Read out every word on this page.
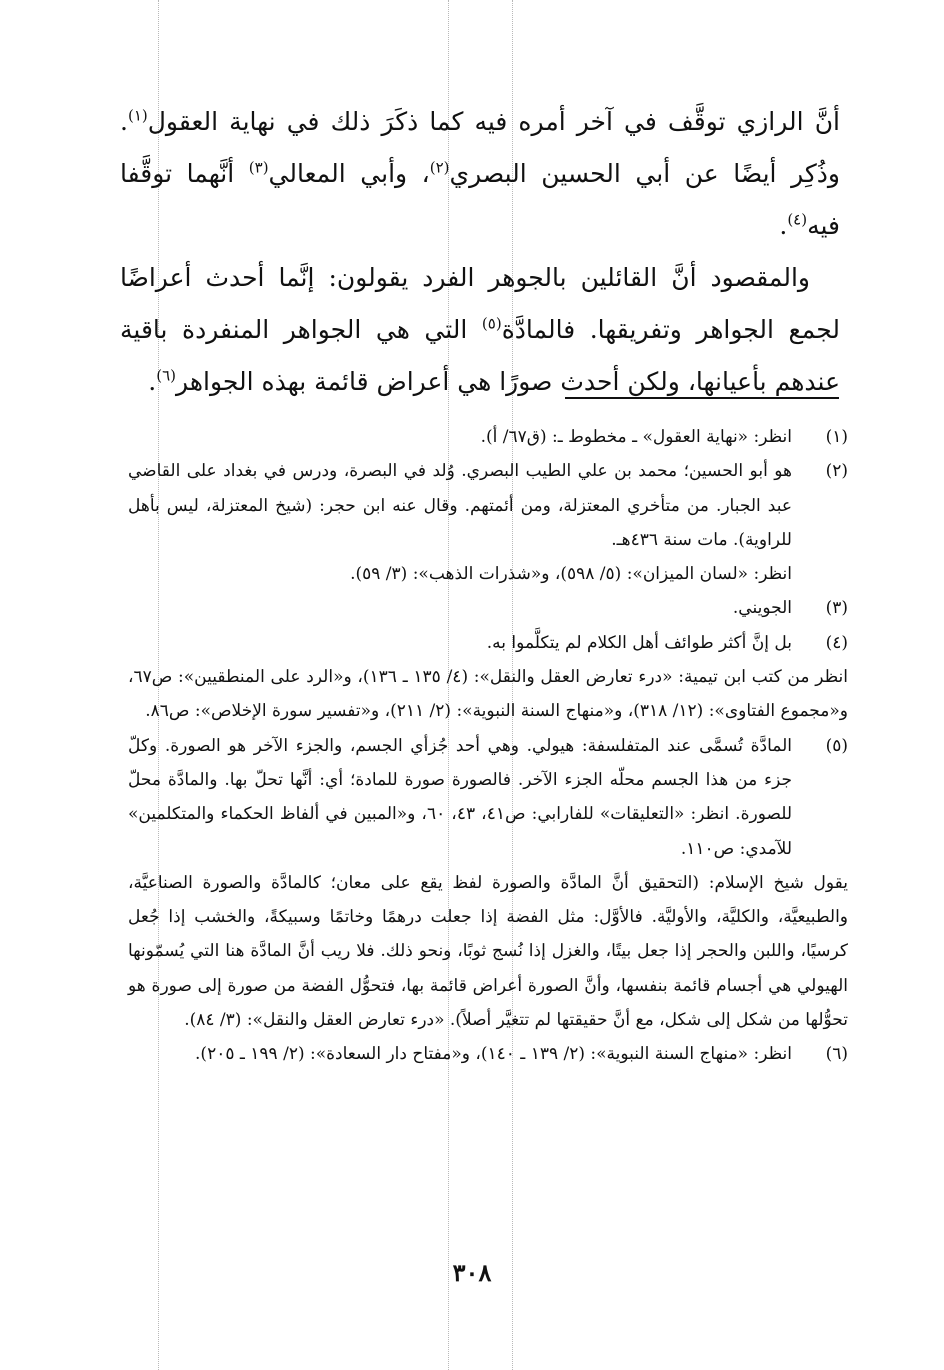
أنَّ الرازي توقَّف في آخر أمره فيه كما ذكَرَ ذلك في نهاية العقول$^{(١)}$. وذُكِر أيضًا عن أبي الحسين البصري$^{(٢)}$، وأبي المعالي$^{(٣)}$ أنَّهما توقَّفا فيه$^{(٤)}$.

والمقصود أنَّ القائلين بالجوهر الفرد يقولون: إنَّما أحدث أعراضًا لجمع الجواهر وتفريقها. فالمادَّة$^{(٥)}$ التي هي الجواهر المنفردة باقية عندهم بأعيانها، ولكن أحدث صورًا هي أعراض قائمة بهذه الجواهر$^{(٦)}$.

(١)
انظر: «نهاية العقول» ـ مخطوط ـ: (ق٦٧/ أ).
(٢)

هو أبو الحسين؛ محمد بن علي الطيب البصري. وُلد في البصرة، ودرس في بغداد على القاضي عبد الجبار. من متأخري المعتزلة، ومن أئمتهم. وقال عنه ابن حجر: (شيخ المعتزلة، ليس بأهل للراوية). مات سنة ٤٣٦هـ.

انظر: «لسان الميزان»: (٥/ ٥٩٨)، و«شذرات الذهب»: (٣/ ٥٩).

(٣)
الجويني.
(٤)
بل إنَّ أكثر طوائف أهل الكلام لم يتكلَّموا به.

انظر من كتب ابن تيمية: «درء تعارض العقل والنقل»: (٤/ ١٣٥ ـ ١٣٦)، و«الرد على المنطقيين»: ص٦٧، و«مجموع الفتاوى»: (١٢/ ٣١٨)، و«منهاج السنة النبوية»: (٢/ ٢١١)، و«تفسير سورة الإخلاص»: ص٨٦.

(٥)
المادَّة تُسمَّى عند المتفلسفة: هيولي. وهي أحد جُزأي الجسم، والجزء الآخر هو الصورة. وكلّ جزء من هذا الجسم محلّه الجزء الآخر. فالصورة صورة للمادة؛ أي: أنَّها تحلّ بها. والمادَّة محلّ للصورة. انظر: «التعليقات» للفارابي: ص٤١، ٤٣، ٦٠، و«المبين في ألفاظ الحكماء والمتكلمين» للآمدي: ص١١٠.

يقول شيخ الإسلام: (التحقيق أنَّ المادَّة والصورة لفظ يقع على معان؛ كالمادَّة والصورة الصناعيَّة، والطبيعيَّة، والكليَّة، والأوليَّة. فالأوَّل: مثل الفضة إذا جعلت درهمًا وخاتمًا وسبيكةً، والخشب إذا جُعل كرسيًا، واللبن والحجر إذا جعل بيتًا، والغزل إذا نُسج ثوبًا، ونحو ذلك. فلا ريب أنَّ المادَّة هنا التي يُسمّونها الهيولي هي أجسام قائمة بنفسها، وأنَّ الصورة أعراض قائمة بها، فتحوُّل الفضة من صورة إلى صورة هو تحوُّلها من شكل إلى شكل، مع أنَّ حقيقتها لم تتغيَّر أصلاً). «درء تعارض العقل والنقل»: (٣/ ٨٤).

(٦)
انظر: «منهاج السنة النبوية»: (٢/ ١٣٩ ـ ١٤٠)، و«مفتاح دار السعادة»: (٢/ ١٩٩ ـ ٢٠٥).
٣٠٨
